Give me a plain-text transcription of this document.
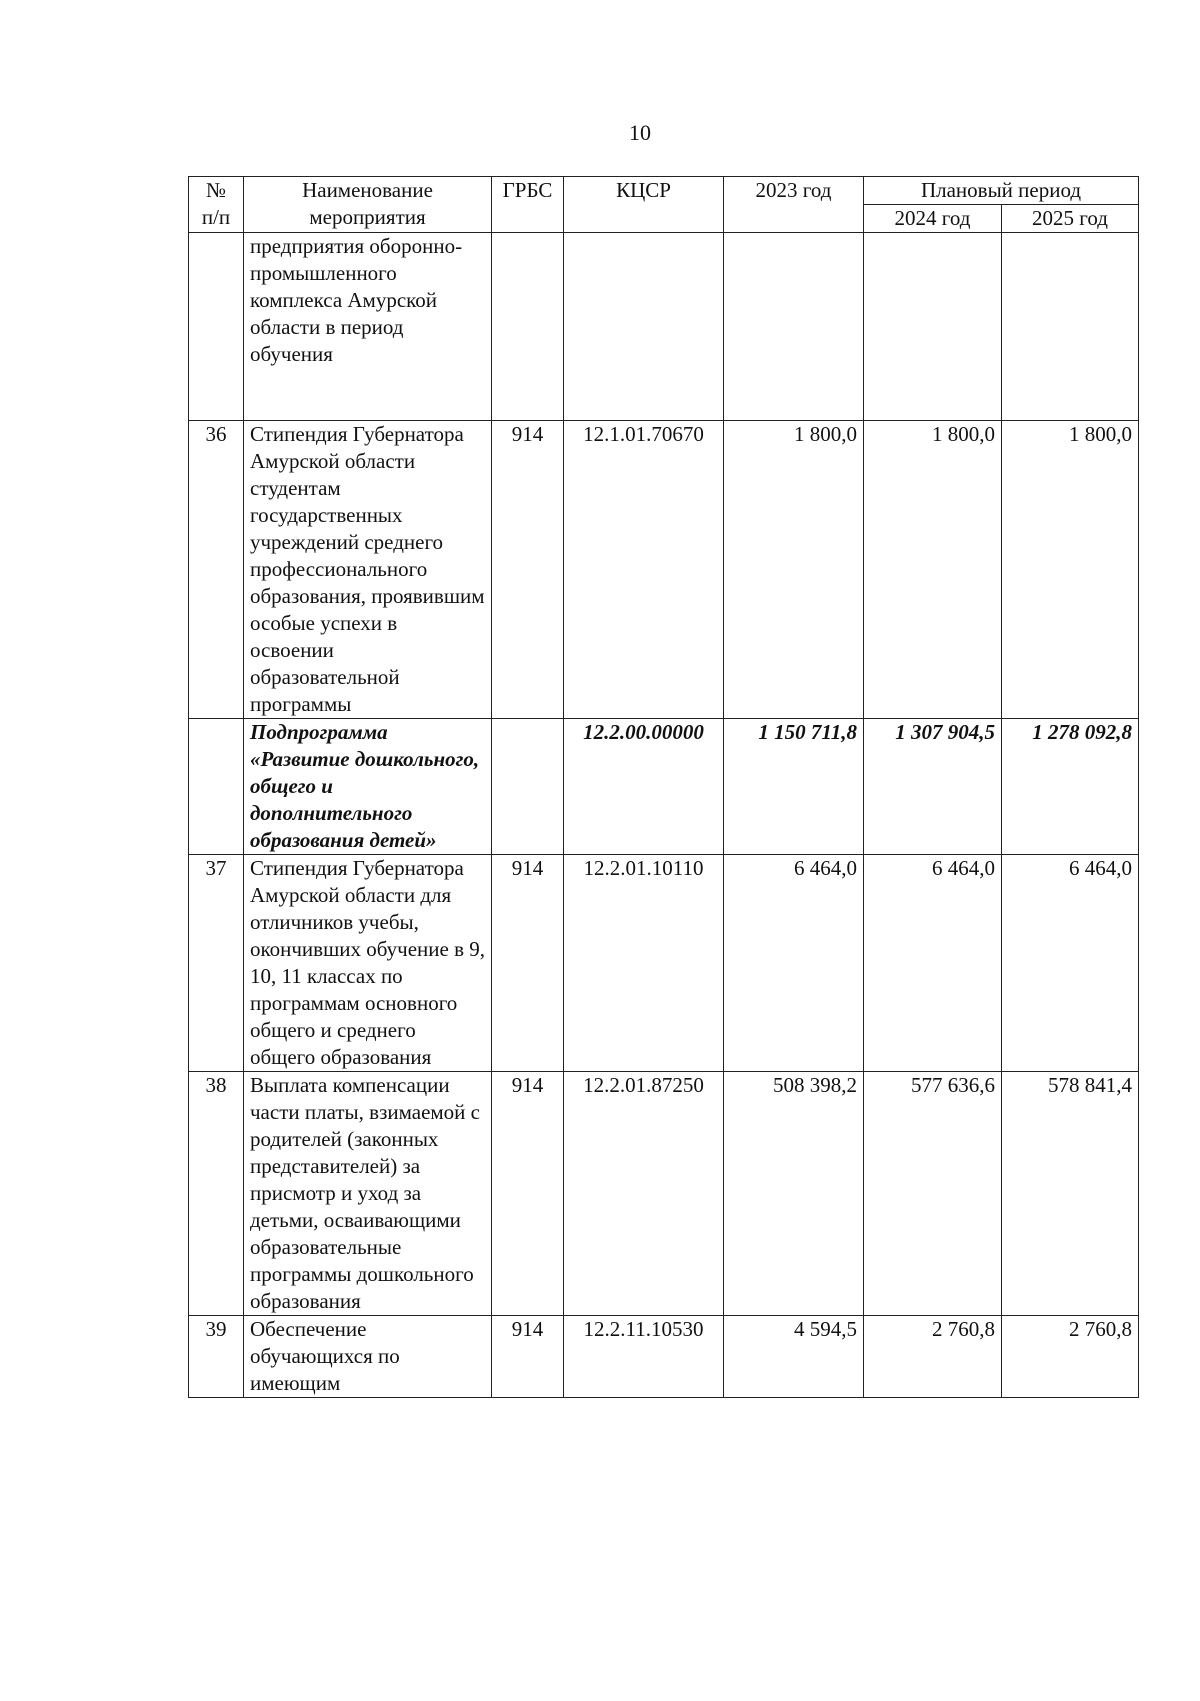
10
№ п/п	Наименование мероприятия	ГРБС	КЦСР	2023 год	Плановый период	
					2024 год	2025 год
	предприятия оборонно-промышленного комплекса Амурской области в период обучения					
36	Стипендия Губернатора Амурской области студентам государственных учреждений среднего профессионального образования, проявившим особые успехи в освоении образовательной программы	914	12.1.01.70670	1 800,0	1 800,0	1 800,0
	Подпрограмма «Развитие дошкольного, общего и дополнительного образования детей»		12.2.00.00000	1 150 711,8	1 307 904,5	1 278 092,8
37	Стипендия Губернатора Амурской области для отличников учебы, окончивших обучение в 9, 10, 11 классах по программам основного общего и среднего общего образования	914	12.2.01.10110	6 464,0	6 464,0	6 464,0
38	Выплата компенсации части платы, взимаемой с родителей (законных представителей) за присмотр и уход за детьми, осваивающими образовательные программы дошкольного образования	914	12.2.01.87250	508 398,2	577 636,6	578 841,4
39	Обеспечение обучающихся по имеющим	914	12.2.11.10530	4 594,5	2 760,8	2 760,8
